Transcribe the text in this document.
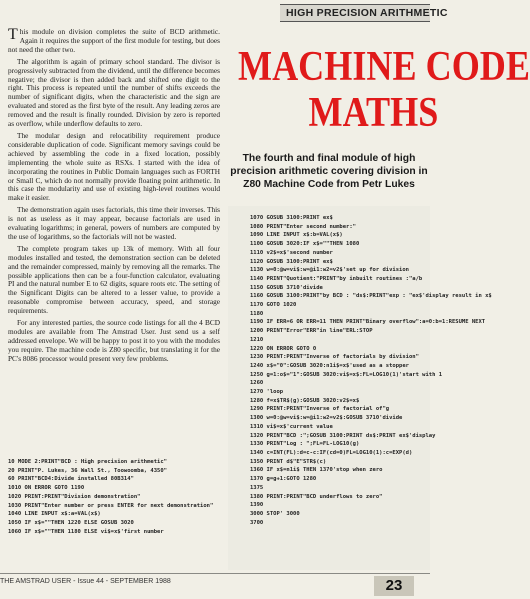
HIGH PRECISION ARITHMETIC

This module on division completes the suite of BCD arithmetic. Again it requires the support of the first module for testing, but does not need the other two.

The algorithm is again of primary school standard. The divisor is progressively subtracted from the dividend, until the difference becomes negative; the divisor is then added back and shifted one digit to the right. This process is repeated until the number of shifts exceeds the number of significant digits, when the characteristic and the sign are evaluated and stored as the first byte of the result. Any leading zeros are removed and the result is finally rounded. Division by zero is reported as overflow, while underflow defaults to zero.

The modular design and relocatibility requirement produce considerable duplication of code. Significant memory savings could be achieved by assembling the code in a fixed location, possibly implementing the whole suite as RSXs. I started with the idea of incorporating the routines in Public Domain languages such as FORTH or Small C, which do not normally provide floating point arithmetic. In this case the modularity and use of existing high-level routines would make it easier.

The demonstration again uses factorials, this time their inverses. This is not as useless as it may appear, because factorials are used in evaluating logarithms; in general, powers of numbers are computed by the use of logarithms, so the factorials will not be wasted.

The complete program takes up 13k of memory. With all four modules installed and tested, the demonstration section can be deleted and the remainder compressed, mainly by removing all the remarks. The possible applications then can be a four-function calculator, evaluating PI and the natural number E to 62 digits, square roots etc. The setting of the Significant Digits can be altered to a lesser value, to provide a reasonable compromise between accuracy, speed, and storage requirements.

For any interested parties, the source code listings for all the 4 BCD modules are available from The Amstrad User. Just send us a self addressed envelope. We will be happy to post it to you with the modules you require. The machine code is Z80 specific, but translating it for the PC's 8086 processor would present very few problems.

MACHINE CODE
MATHS
The fourth and final module of high precision arithmetic covering division in Z80 Machine Code from Petr Lukes
1070 GOSUB 3100:PRINT ex$
1080 PRINT"Enter second number:"
1090 LINE INPUT x$:b=VAL(x$)
1100 GOSUB 3020:IF x$=""THEN 1080
1110 v2$=x$'second number
1120 GOSUB 3100:PRINT ex$
1130 w=0:@w=vi$:w=@i1:w2=v2$'set up for division
1140 PRINT"Quotient:"PRINT"by inbuilt routines :"a/b
1150 GOSUB 3710'divide
1160 GOSUB 3100:PRINT"by BCD : "ds$:PRINT"exp : "ex$'display result in x$
1170 GOTO 1020
1180
1190 IF ERR=6 OR ERR=11 THEN PRINT"Binary overflow":a=0:b=1:RESUME NEXT
1200 PRINT"Error"ERR"in line"ERL:STOP
1210
1220 ON ERROR GOTO 0
1230 PRINT:PRINT"Inverse of factorials by division"
1240 x$="0":GOSUB 3020:n1i$=x$'used as a stopper
1250 g=1:o$="1":GOSUB 3020:vi$=x$:FL=LOG10(1)'start with 1
1260
1270 'loop
1280 f=x$TR$(g):GOSUB 3020:v2$=x$
1290 PRINT:PRINT"Inverse of factorial of"g
1300 w=0:@w=vi$:w=@i1:w2=v2$:GOSUB 3710'divide
1310 vi$=x$'current value
1320 PRINT"BCD :";GOSUB 3100:PRINT ds$:PRINT ex$'display
1330 PRINT"Log : ";FL=FL-LOG10(g)
1340 c=INT(FL):d=c-c:IF(cd=0)FL=LOG10(1):c=EXP(d)
1350 PRINT d$"E"STR$(c)
1360 IF x$=n1i$ THEN 1370'stop when zero
1370 g=g+1:GOTO 1280
1375
1380 PRINT:PRINT"BCD underflows to zero"
1390
3000 STOP' 3000
3700
10 MODE 2:PRINT"BCD : High precision arithmetic"
20 PRINT"P. Lukes, 36 Wall St., Toowoomba, 4350"
60 PRINT"BCD4:Divide installed 80B314"
1010 ON ERROR GOTO 1190
1020 PRINT:PRINT"Division demonstration"
1030 PRINT"Enter number or press ENTER for next demonstration"
1040 LINE INPUT x$:a=VAL(x$)
1050 IF x$=""THEN 1220 ELSE GOSUB 3020
1060 IF x$=""THEN 1180 ELSE vi$=x$'first number
THE AMSTRAD USER - Issue 44 - SEPTEMBER 1988	23
